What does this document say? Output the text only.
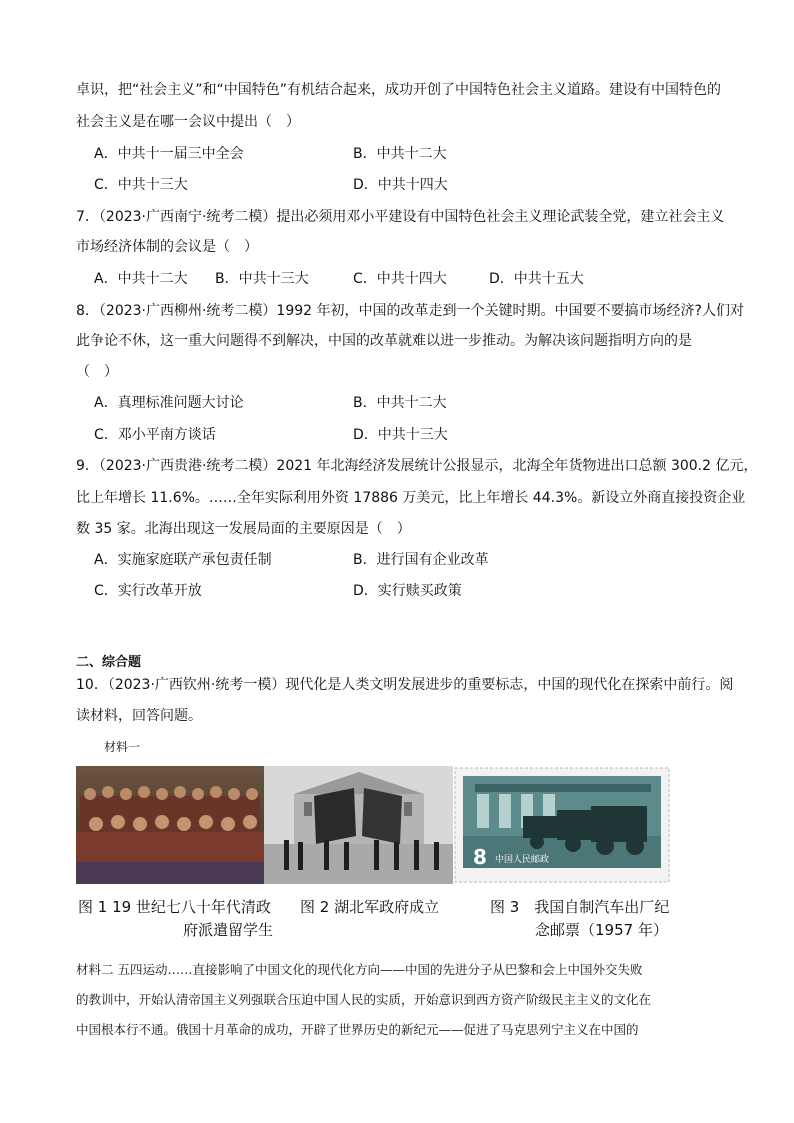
卓识，把“社会主义”和“中国特色”有机结合起来，成功开创了中国特色社会主义道路。建设有中国特色的
社会主义是在哪一会议中提出（　）
A．中共十一届三中全会	B．中共十二大
C．中共十三大	D．中共十四大
7．（2023·广西南宁·统考二模）提出必须用邓小平建设有中国特色社会主义理论武装全党，建立社会主义
市场经济体制的会议是（　）
A．中共十二大 B．中共十三大	C．中共十四大	D．中共十五大
8．（2023·广西柳州·统考二模）1992 年初，中国的改革走到一个关键时期。中国要不要搞市场经济?人们对
此争论不休，这一重大问题得不到解决，中国的改革就难以进一步推动。为解决该问题指明方向的是
（　）
A．真理标准问题大讨论	B．中共十二大
C．邓小平南方谈话	D．中共十三大
9．（2023·广西贵港·统考二模）2021 年北海经济发展统计公报显示，北海全年货物进出口总额 300.2 亿元，
比上年增长 11.6%。……全年实际利用外资 17886 万美元，比上年增长 44.3%。新设立外商直接投资企业
数 35 家。北海出现这一发展局面的主要原因是（　）
A．实施家庭联产承包责任制	B．进行国有企业改革
C．实行改革开放	D．实行赎买政策
二、综合题
10．（2023·广西钦州·统考一模）现代化是人类文明发展进步的重要标志，中国的现代化在探索中前行。阅
读材料，回答问题。
材料一
8 中国人民邮政
图 1 19 世纪七八十年代清政
府派遣留学生
图 2 湖北军政府成立	图 3　我国自制汽车出厂纪
念邮票（1957 年）
材料二 五四运动……直接影响了中国文化的现代化方向——中国的先进分子从巴黎和会上中国外交失败
的教训中，开始认清帝国主义列强联合压迫中国人民的实质，开始意识到西方资产阶级民主主义的文化在
中国根本行不通。俄国十月革命的成功，开辟了世界历史的新纪元——促进了马克思列宁主义在中国的
